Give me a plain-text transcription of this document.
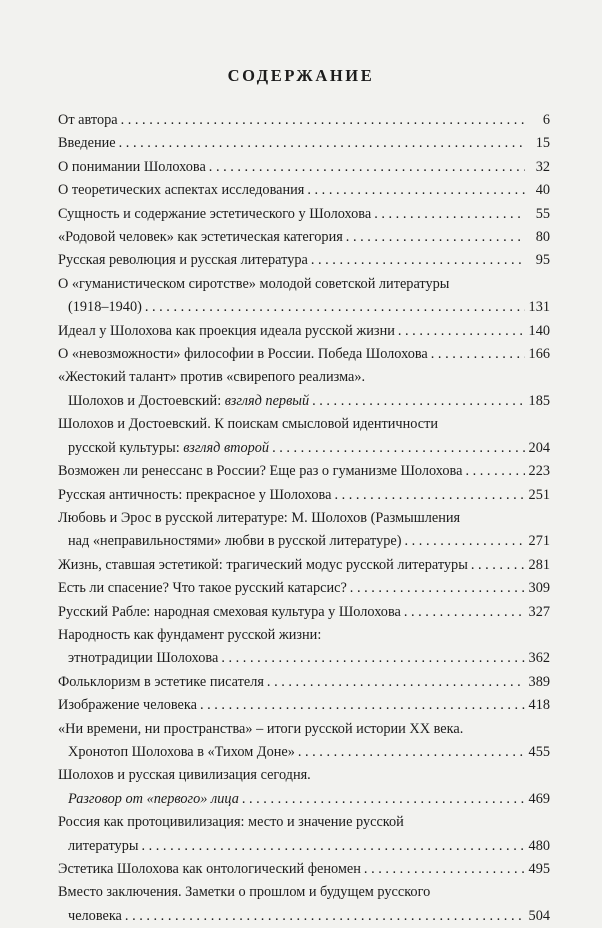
СОДЕРЖАНИЕ
От автора . . .	6
Введение . . .	15
О понимании Шолохова . . .	32
О теоретических аспектах исследования . . .	40
Сущность и содержание эстетического у Шолохова . . .	55
«Родовой человек» как эстетическая категория . . .	80
Русская революция и русская литература . . .	95
О «гуманистическом сиротстве» молодой советской литературы
(1918–1940) . . .	131
Идеал у Шолохова как проекция идеала русской жизни . . .	140
О «невозможности» философии в России. Победа Шолохова . . .	166
«Жестокий талант» против «свирепого реализма».
Шолохов и Достоевский: взгляд первый . . .	185
Шолохов и Достоевский. К поискам смысловой идентичности
русской культуры: взгляд второй . . .	204
Возможен ли ренессанс в России? Еще раз о гуманизме Шолохова . . .	223
Русская античность: прекрасное у Шолохова . . .	251
Любовь и Эрос в русской литературе: М. Шолохов (Размышления
над «неправильностями» любви в русской литературе) . . .	271
Жизнь, ставшая эстетикой: трагический модус русской литературы . . .	281
Есть ли спасение? Что такое русский катарсис? . . .	309
Русский Рабле: народная смеховая культура у Шолохова . . .	327
Народность как фундамент русской жизни:
этнотрадиции Шолохова . . .	362
Фольклоризм в эстетике писателя . . .	389
Изображение человека . . .	418
«Ни времени, ни пространства» – итоги русской истории XX века.
Хронотоп Шолохова в «Тихом Доне» . . .	455
Шолохов и русская цивилизация сегодня.
Разговор от «первого» лица . . .	469
Россия как протоцивилизация: место и значение русской
литературы . . .	480
Эстетика Шолохова как онтологический феномен . . .	495
Вместо заключения. Заметки о прошлом и будущем русского
человека . . .	504
